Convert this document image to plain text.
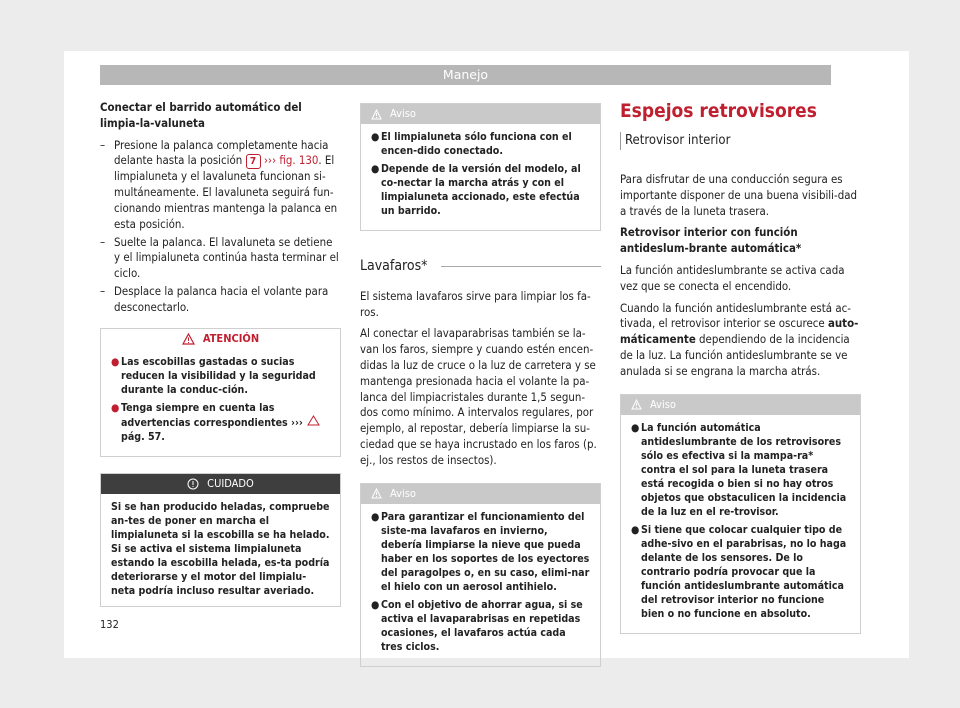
Manejo

Conectar el barrido automático del limpia-la-valuneta

– Presione la palanca completamente hacia delante hasta la posición 7 ››› fig. 130. El limpialuneta y el lavaluneta funcionan si-multáneamente. El lavaluneta seguirá fun-cionando mientras mantenga la palanca en esta posición.
– Suelte la palanca. El lavaluneta se detiene y el limpialuneta continúa hasta terminar el ciclo.
– Desplace la palanca hacia el volante para desconectarlo.
ATENCIÓN
● Las escobillas gastadas o sucias reducen la visibilidad y la seguridad durante la conduc-ción.
● Tenga siempre en cuenta las advertencias correspondientes ›››  pág. 57.
CUIDADO
Si se han producido heladas, compruebe an-tes de poner en marcha el limpialuneta si la escobilla se ha helado. Si se activa el sistema limpialuneta estando la escobilla helada, es-ta podría deteriorarse y el motor del limpialu-neta podría incluso resultar averiado.
Aviso
● El limpialuneta sólo funciona con el encen-dido conectado.
● Depende de la versión del modelo, al co-nectar la marcha atrás y con el limpialuneta accionado, este efectúa un barrido.
Lavafaros*

El sistema lavafaros sirve para limpiar los fa-ros.

Al conectar el lavaparabrisas también se la-van los faros, siempre y cuando estén encen-didas la luz de cruce o la luz de carretera y se mantenga presionada hacia el volante la pa-lanca del limpiacristales durante 1,5 segun-dos como mínimo. A intervalos regulares, por ejemplo, al repostar, debería limpiarse la su-ciedad que se haya incrustado en los faros (p. ej., los restos de insectos).

Aviso
● Para garantizar el funcionamiento del siste-ma lavafaros en invierno, debería limpiarse la nieve que pueda haber en los soportes de los eyectores del paragolpes o, en su caso, elimi-nar el hielo con un aerosol antihielo.
● Con el objetivo de ahorrar agua, si se activa el lavaparabrisas en repetidas ocasiones, el lavafaros actúa cada tres ciclos.
Espejos retrovisores
Retrovisor interior

Para disfrutar de una conducción segura es importante disponer de una buena visibili-dad a través de la luneta trasera.

Retrovisor interior con función antideslum-brante automática*

La función antideslumbrante se activa cada vez que se conecta el encendido.

Cuando la función antideslumbrante está ac-tivada, el retrovisor interior se oscurece auto-máticamente dependiendo de la incidencia de la luz. La función antideslumbrante se ve anulada si se engrana la marcha atrás.

Aviso
● La función automática antideslumbrante de los retrovisores sólo es efectiva si la mampa-ra* contra el sol para la luneta trasera está recogida o bien si no hay otros objetos que obstaculicen la incidencia de la luz en el re-trovisor.
● Si tiene que colocar cualquier tipo de adhe-sivo en el parabrisas, no lo haga delante de los sensores. De lo contrario podría provocar que la función antideslumbrante automática del retrovisor interior no funcione bien o no funcione en absoluto.
132
